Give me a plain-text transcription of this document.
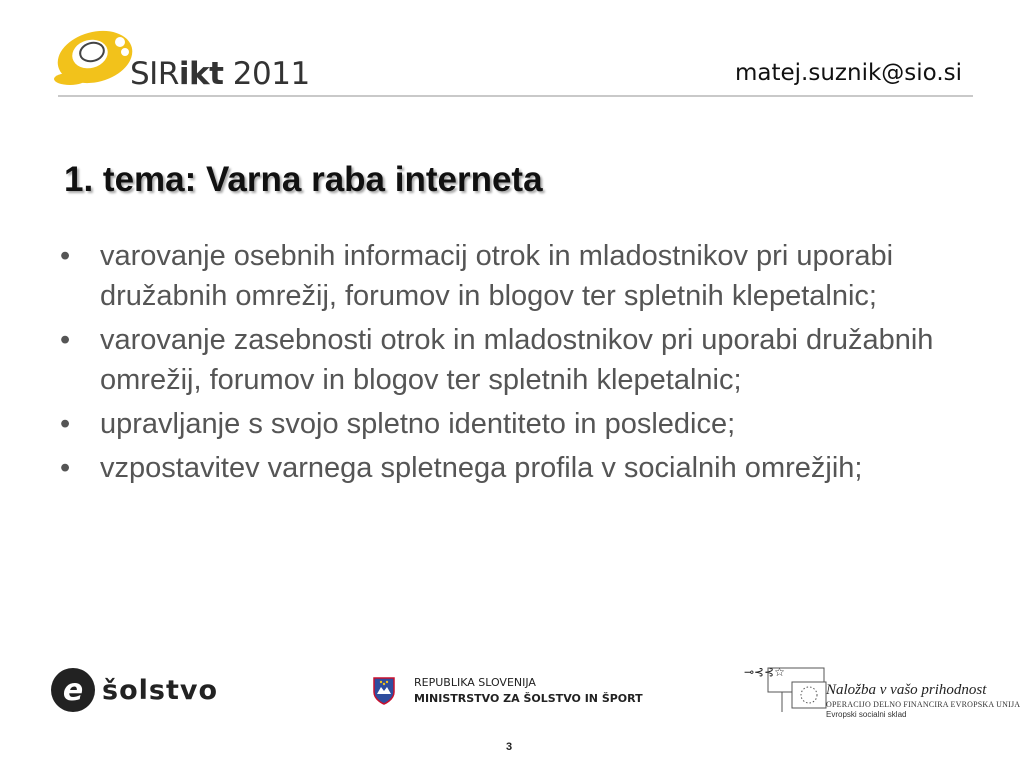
SIRikt 2011	matej.suznik@sio.si
1. tema: Varna raba interneta
• varovanje osebnih informacij otrok in mladostnikov pri uporabi družabnih omrežij, forumov in blogov ter spletnih klepetalnic;
• varovanje zasebnosti otrok in mladostnikov pri uporabi družabnih omrežij, forumov in blogov ter spletnih klepetalnic;
• upravljanje s svojo spletno identiteto in posledice;
• vzpostavitev varnega spletnega profila v socialnih omrežjih;
e šolstvo	REPUBLIKA SLOVENIJA
MINISTRSTVO ZA ŠOLSTVO IN ŠPORT
⊸⊰⊰☆
Naložba v vašo prihodnost
OPERACIJO DELNO FINANCIRA EVROPSKA UNIJA
Evropski socialni sklad
3
